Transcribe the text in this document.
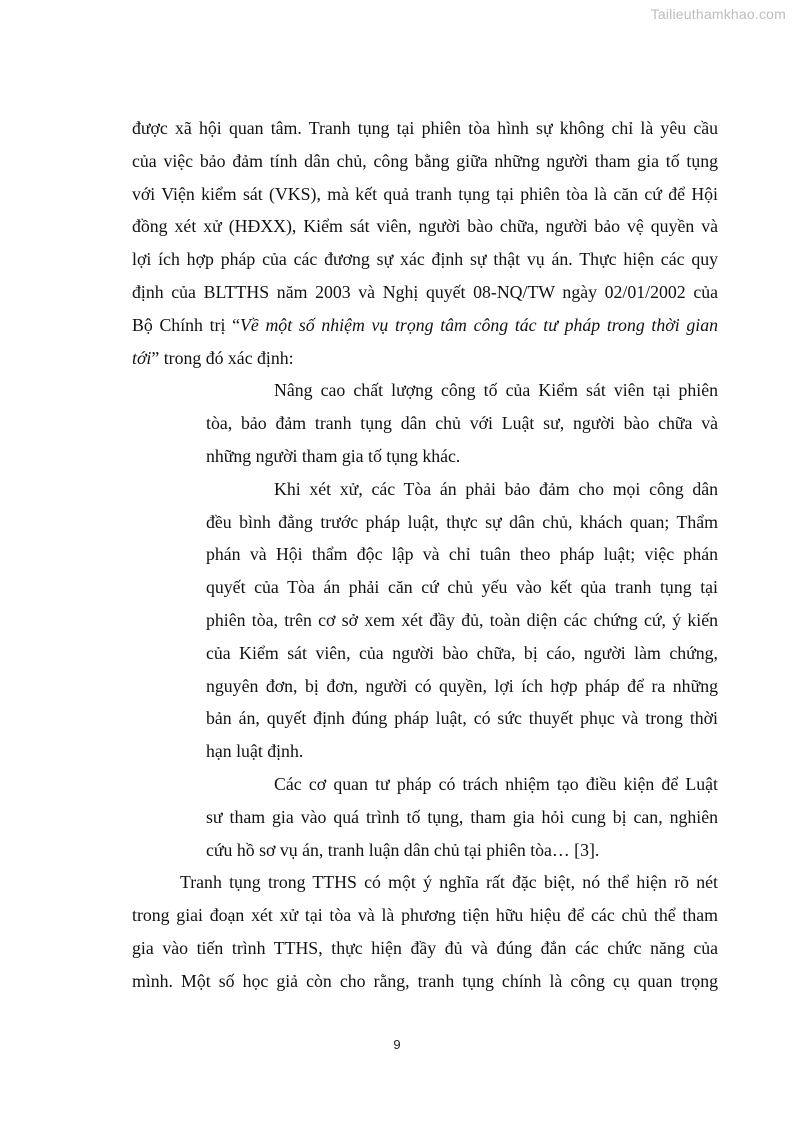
Tailieuthamkhao.com
được xã hội quan tâm. Tranh tụng tại phiên tòa hình sự không chỉ là yêu cầu
của việc bảo đảm tính dân chủ, công bằng giữa những người tham gia tố tụng
với Viện kiểm sát (VKS), mà kết quả tranh tụng tại phiên tòa là căn cứ để Hội
đồng xét xử (HĐXX), Kiểm sát viên, người bào chữa, người bảo vệ quyền và
lợi ích hợp pháp của các đương sự xác định sự thật vụ án. Thực hiện các quy
định của BLTTHS năm 2003 và Nghị quyết 08-NQ/TW ngày 02/01/2002 của
Bộ Chính trị “Về một số nhiệm vụ trọng tâm công tác tư pháp trong thời gian
tới” trong đó xác định:
Nâng cao chất lượng công tố của Kiểm sát viên tại phiên
tòa, bảo đảm tranh tụng dân chủ với Luật sư, người bào chữa và
những người tham gia tố tụng khác.
Khi xét xử, các Tòa án phải bảo đảm cho mọi công dân
đều bình đẳng trước pháp luật, thực sự dân chủ, khách quan; Thẩm
phán và Hội thẩm độc lập và chỉ tuân theo pháp luật; việc phán
quyết của Tòa án phải căn cứ chủ yếu vào kết qủa tranh tụng tại
phiên tòa, trên cơ sở xem xét đầy đủ, toàn diện các chứng cứ, ý kiến
của Kiểm sát viên, của người bào chữa, bị cáo, người làm chứng,
nguyên đơn, bị đơn, người có quyền, lợi ích hợp pháp để ra những
bản án, quyết định đúng pháp luật, có sức thuyết phục và trong thời
hạn luật định.
Các cơ quan tư pháp có trách nhiệm tạo điều kiện để Luật
sư tham gia vào quá trình tố tụng, tham gia hỏi cung bị can, nghiên
cứu hồ sơ vụ án, tranh luận dân chủ tại phiên tòa… [3].
Tranh tụng trong TTHS có một ý nghĩa rất đặc biệt, nó thể hiện rõ nét
trong giai đoạn xét xử tại tòa và là phương tiện hữu hiệu để các chủ thể tham
gia vào tiến trình TTHS, thực hiện đầy đủ và đúng đắn các chức năng của
mình. Một số học giả còn cho rằng, tranh tụng chính là công cụ quan trọng
9
